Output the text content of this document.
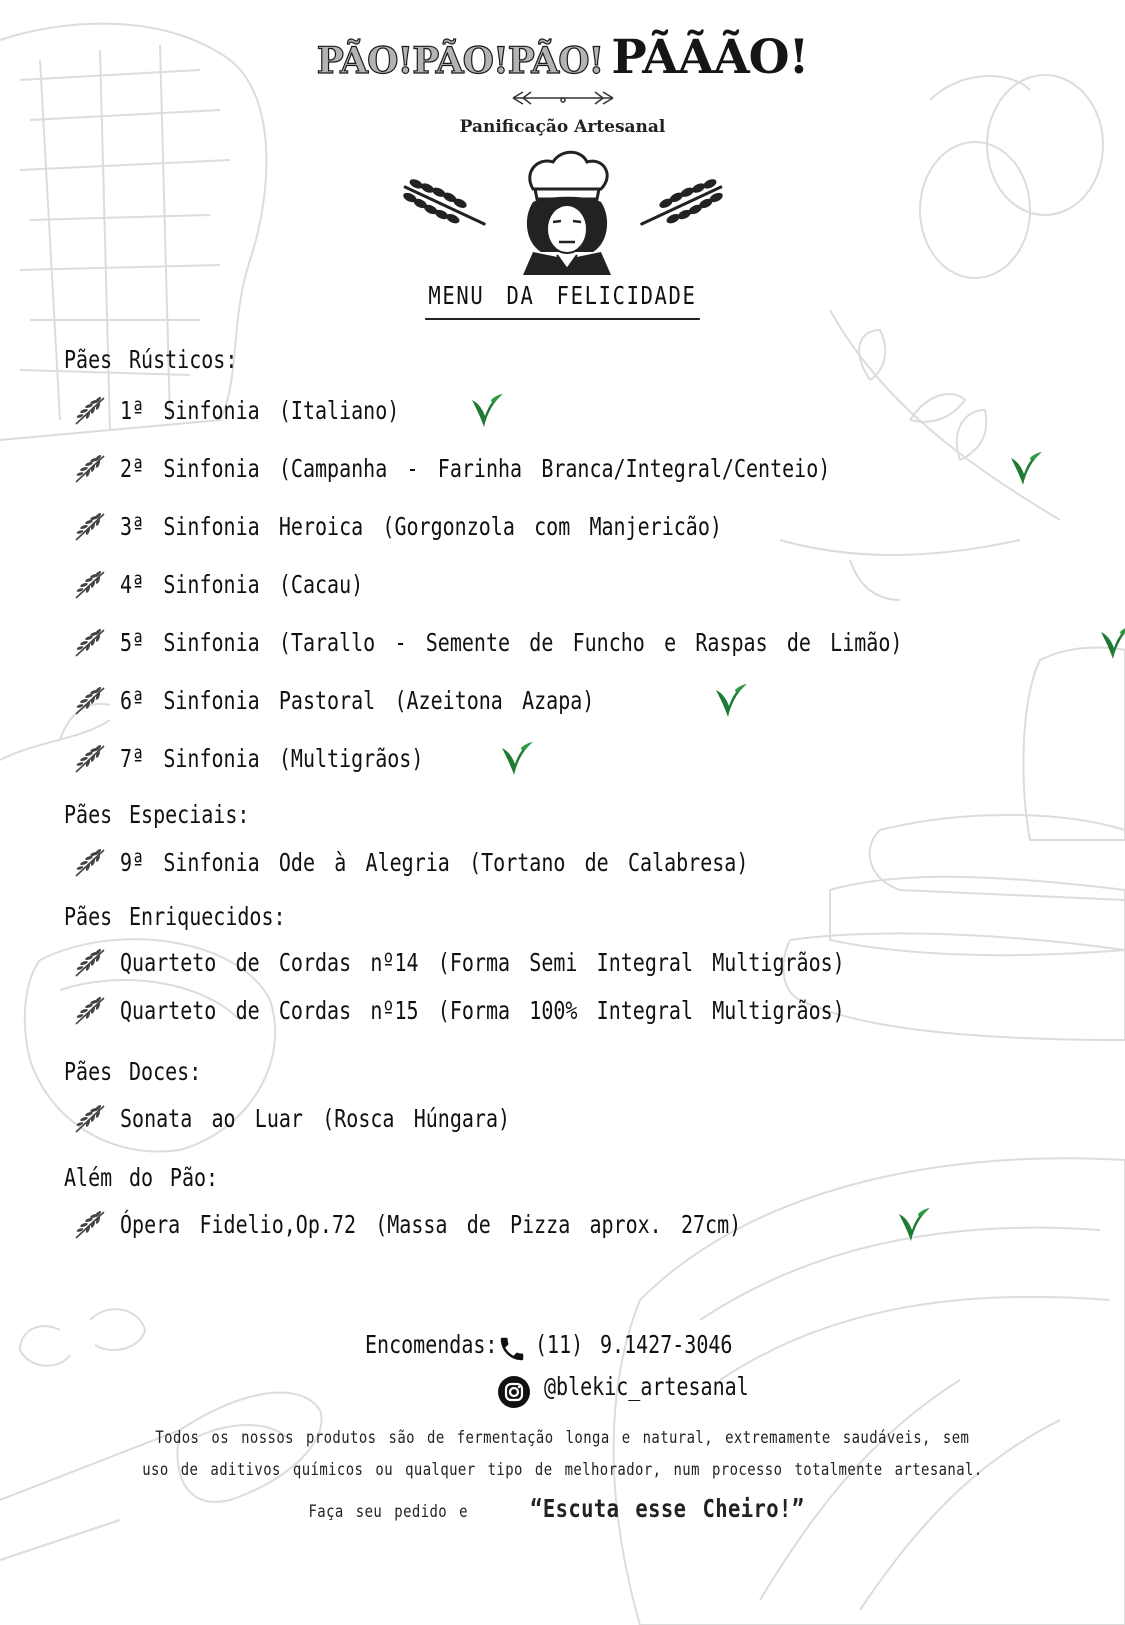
PÃO!PÃO!PÃO! PÃÃÃO!
Panificação Artesanal
MENU DA FELICIDADE
Pães Rústicos:
1ª Sinfonia (Italiano)
2ª Sinfonia (Campanha - Farinha Branca/Integral/Centeio)
3ª Sinfonia Heroica (Gorgonzola com Manjericão)
4ª Sinfonia (Cacau)
5ª Sinfonia (Tarallo - Semente de Funcho e Raspas de Limão)
6ª Sinfonia Pastoral (Azeitona Azapa)
7ª Sinfonia (Multigrãos)
Pães Especiais:
9ª Sinfonia Ode à Alegria (Tortano de Calabresa)
Pães Enriquecidos:
Quarteto de Cordas nº14 (Forma Semi Integral Multigrãos)
Quarteto de Cordas nº15 (Forma 100% Integral Multigrãos)
Pães Doces:
Sonata ao Luar (Rosca Húngara)
Além do Pão:
Ópera Fidelio,Op.72 (Massa de Pizza aprox. 27cm)
Encomendas: (11) 9.1427-3046
@blekic_artesanal
Todos os nossos produtos são de fermentação longa e natural, extremamente saudáveis, sem
uso de aditivos químicos ou qualquer tipo de melhorador, num processo totalmente artesanal.
Faça seu pedido e “Escuta esse Cheiro!”
